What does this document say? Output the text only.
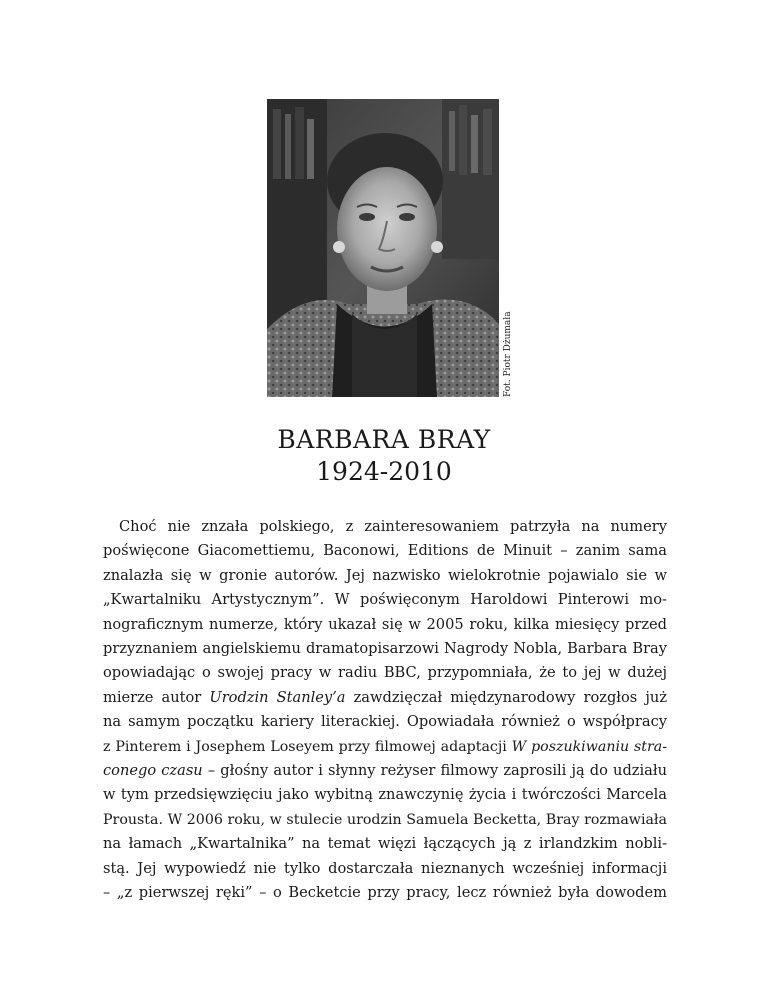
Fot. Piotr Dżumała
BARBARA BRAY
1924-2010
Choć nie znzała polskiego, z zainteresowaniem patrzyła na numery
poświęcone Giacomettiemu, Baconowi, Editions de Minuit – zanim sama
znalazła się w gronie autorów. Jej nazwisko wielokrotnie pojawialo sie w
„Kwartalniku Artystycznym”. W poświęconym Haroldowi Pinterowi mo-
nograficznym numerze, który ukazał się w 2005 roku, kilka miesięcy przed
przyznaniem angielskiemu dramatopisarzowi Nagrody Nobla, Barbara Bray
opowiadając o swojej pracy w radiu BBC, przypomniała, że to jej w dużej
mierze autor Urodzin Stanley’a zawdzięczał międzynarodowy rozgłos już
na samym początku kariery literackiej. Opowiadała również o współpracy
z Pinterem i Josephem Loseyem przy filmowej adaptacji W poszukiwaniu stra-
conego czasu – głośny autor i słynny reżyser filmowy zaprosili ją do udziału
w tym przedsięwzięciu jako wybitną znawczynię życia i twórczości Marcela
Prousta. W 2006 roku, w stulecie urodzin Samuela Becketta, Bray rozmawiała
na łamach „Kwartalnika” na temat więzi łączących ją z irlandzkim nobli-
stą. Jej wypowiedź nie tylko dostarczała nieznanych wcześniej informacji
– „z pierwszej ręki” – o Becketcie przy pracy, lecz również była dowodem
